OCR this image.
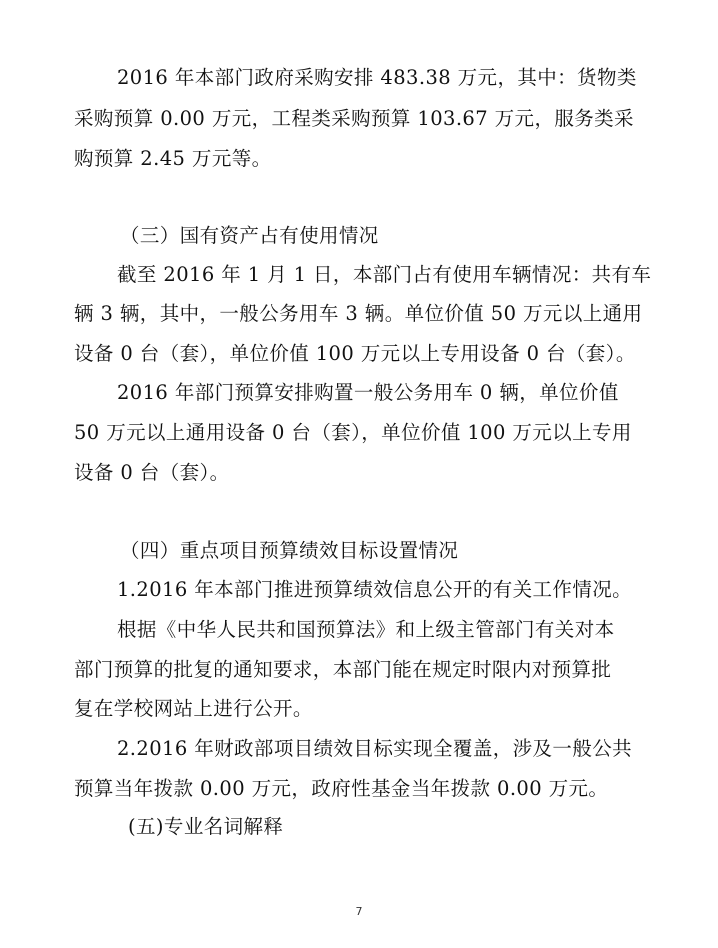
2016 年本部门政府采购安排 483.38 万元，其中：货物类
采购预算 0.00 万元，工程类采购预算 103.67 万元，服务类采
购预算 2.45 万元等。
（三）国有资产占有使用情况
截至 2016 年 1 月 1 日，本部门占有使用车辆情况：共有车
辆 3 辆，其中，一般公务用车 3 辆。单位价值 50 万元以上通用
设备 0 台（套），单位价值 100 万元以上专用设备 0 台（套）。
2016 年部门预算安排购置一般公务用车 0 辆，单位价值
50 万元以上通用设备 0 台（套），单位价值 100 万元以上专用
设备 0 台（套）。
（四）重点项目预算绩效目标设置情况
1.2016 年本部门推进预算绩效信息公开的有关工作情况。
根据《中华人民共和国预算法》和上级主管部门有关对本
部门预算的批复的通知要求，本部门能在规定时限内对预算批
复在学校网站上进行公开。
2.2016 年财政部项目绩效目标实现全覆盖，涉及一般公共
预算当年拨款 0.00 万元，政府性基金当年拨款 0.00 万元。
(五)专业名词解释
7
